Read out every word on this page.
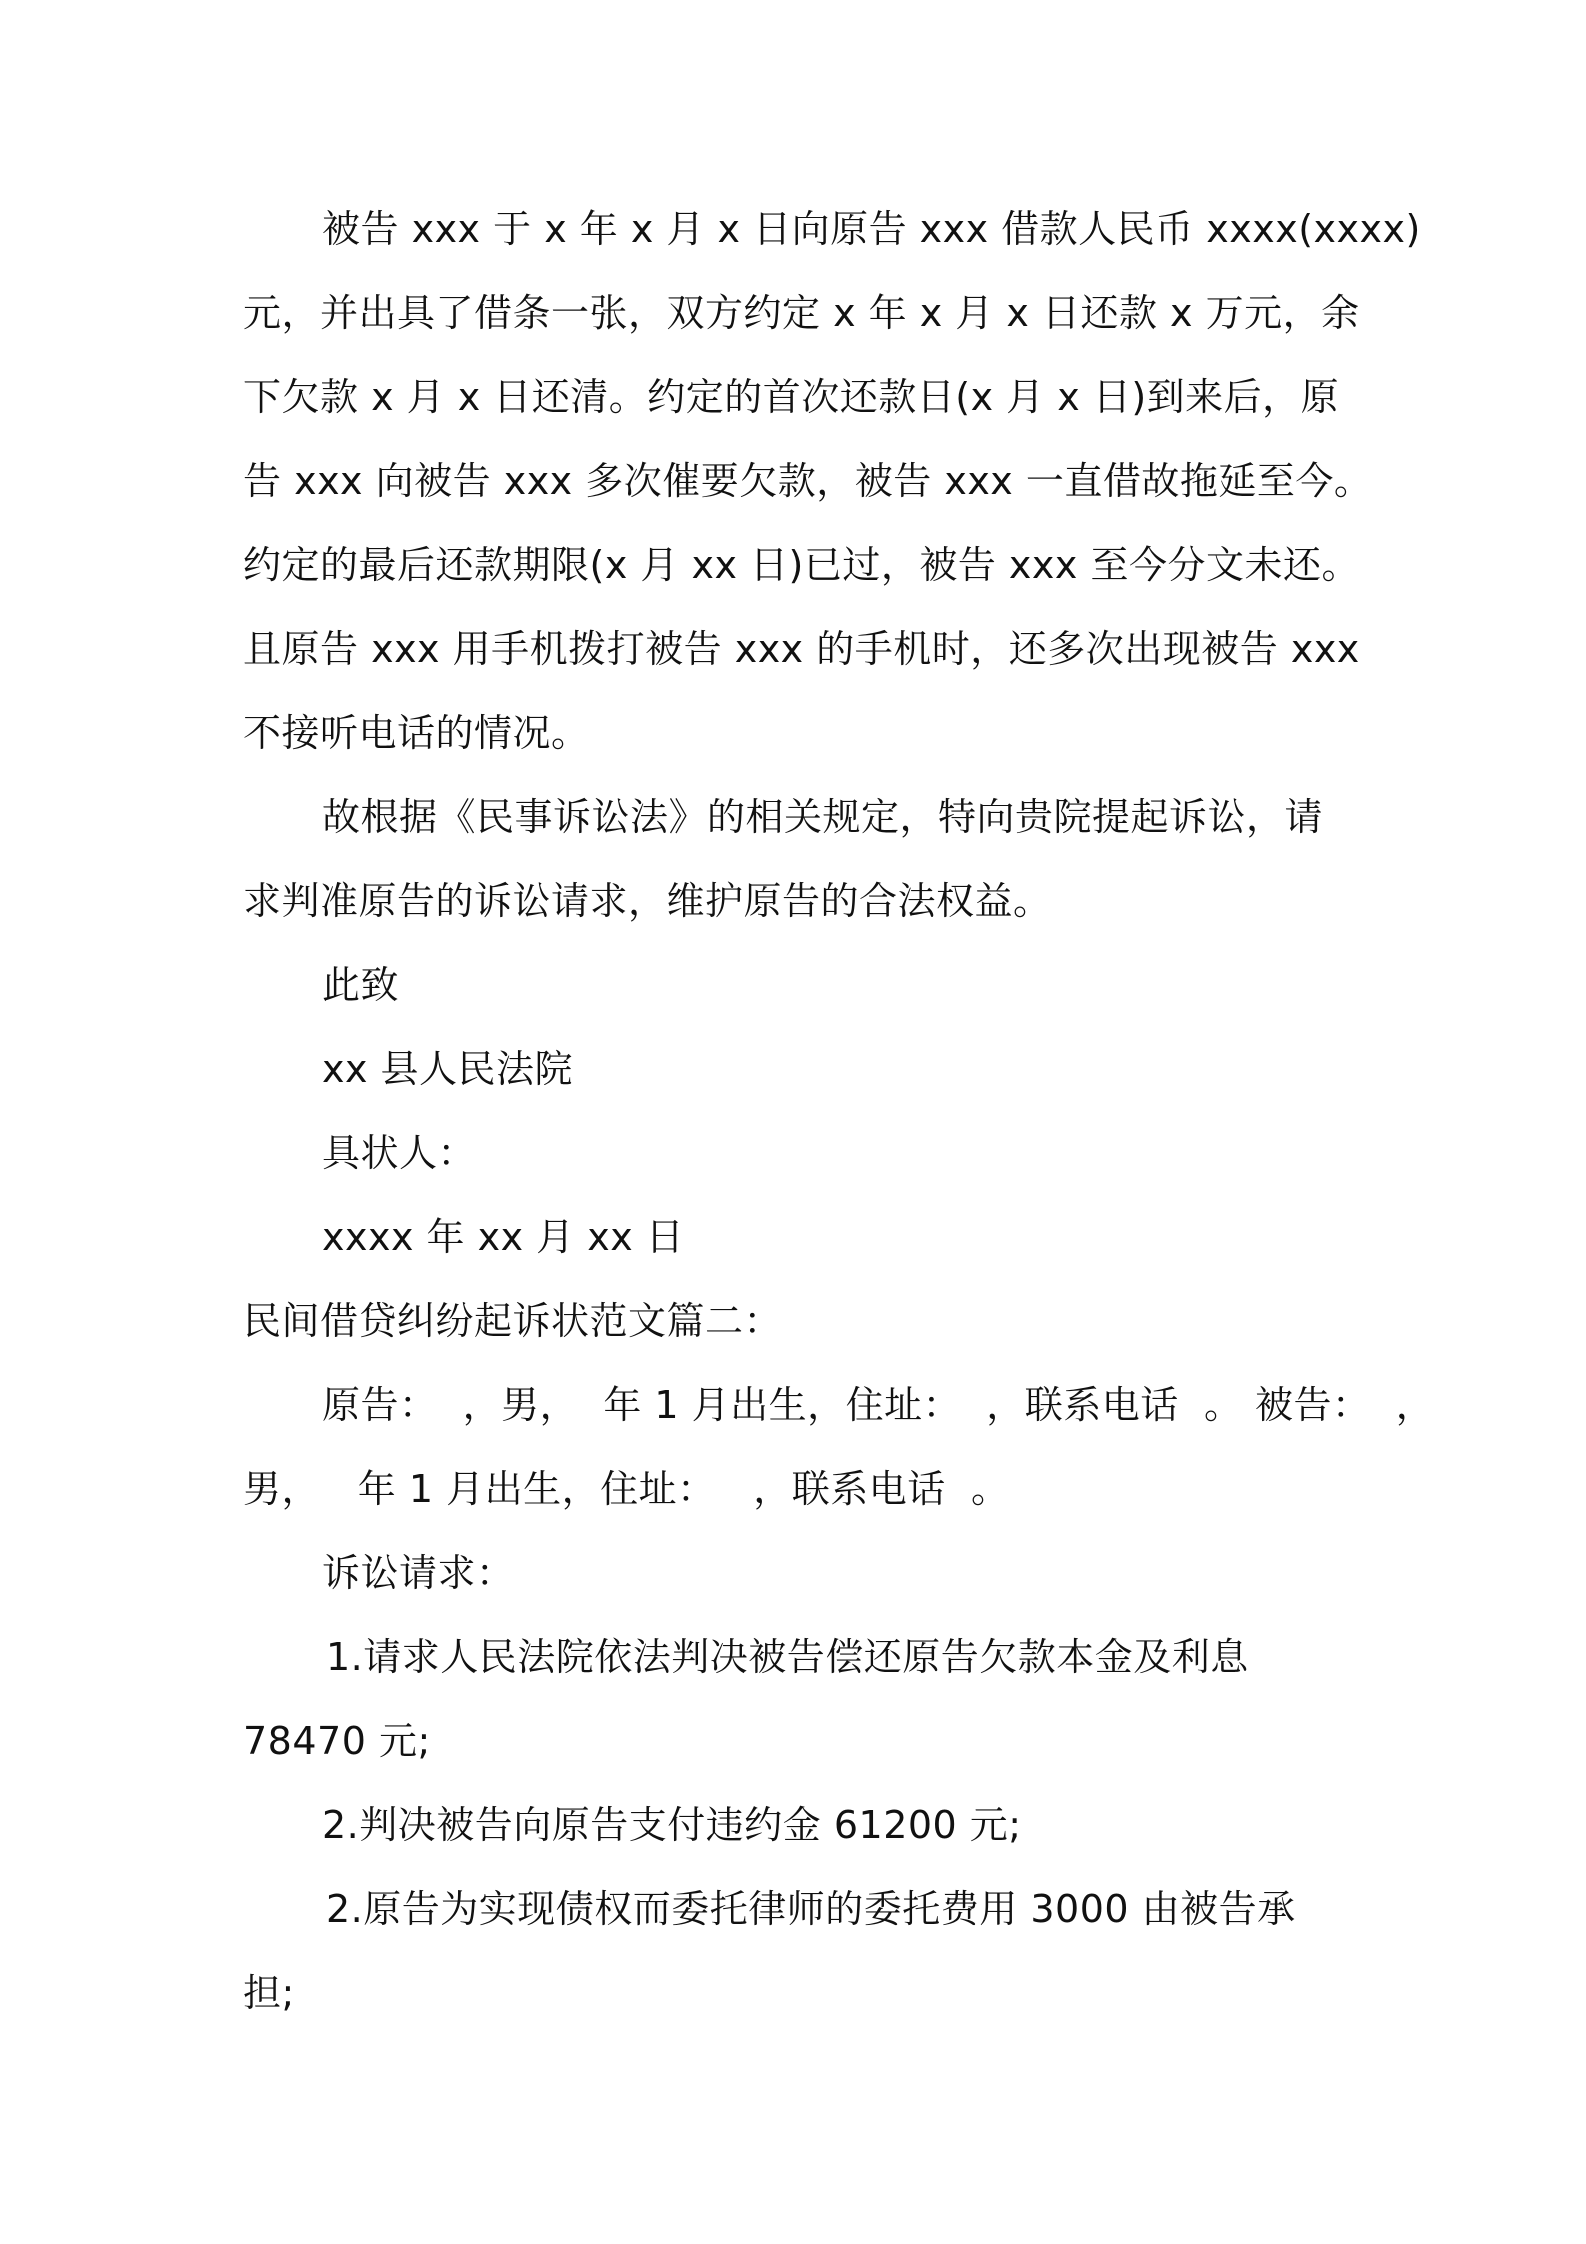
被告 xxx 于 x 年 x 月 x 日向原告 xxx 借款人民币 xxxx(xxxx)
元，并出具了借条一张，双方约定 x 年 x 月 x 日还款 x 万元，余
下欠款 x 月 x 日还清。约定的首次还款日(x 月 x 日)到来后，原
告 xxx 向被告 xxx 多次催要欠款，被告 xxx 一直借故拖延至今。
约定的最后还款期限(x 月 xx 日)已过，被告 xxx 至今分文未还。
且原告 xxx 用手机拨打被告 xxx 的手机时，还多次出现被告 xxx
不接听电话的情况。
故根据《民事诉讼法》的相关规定，特向贵院提起诉讼，请
求判准原告的诉讼请求，维护原告的合法权益。
此致
xx 县人民法院
具状人：
xxxx 年 xx 月 xx 日
民间借贷纠纷起诉状范文篇二：
原告：  ，男，  年 1 月出生，住址：  ，联系电话  。 被告：  ，
男，   年 1 月出生，住址：   ，联系电话  。
诉讼请求：
1.请求人民法院依法判决被告偿还原告欠款本金及利息
78470 元;
2.判决被告向原告支付违约金 61200 元;
2.原告为实现债权而委托律师的委托费用 3000 由被告承
担;
